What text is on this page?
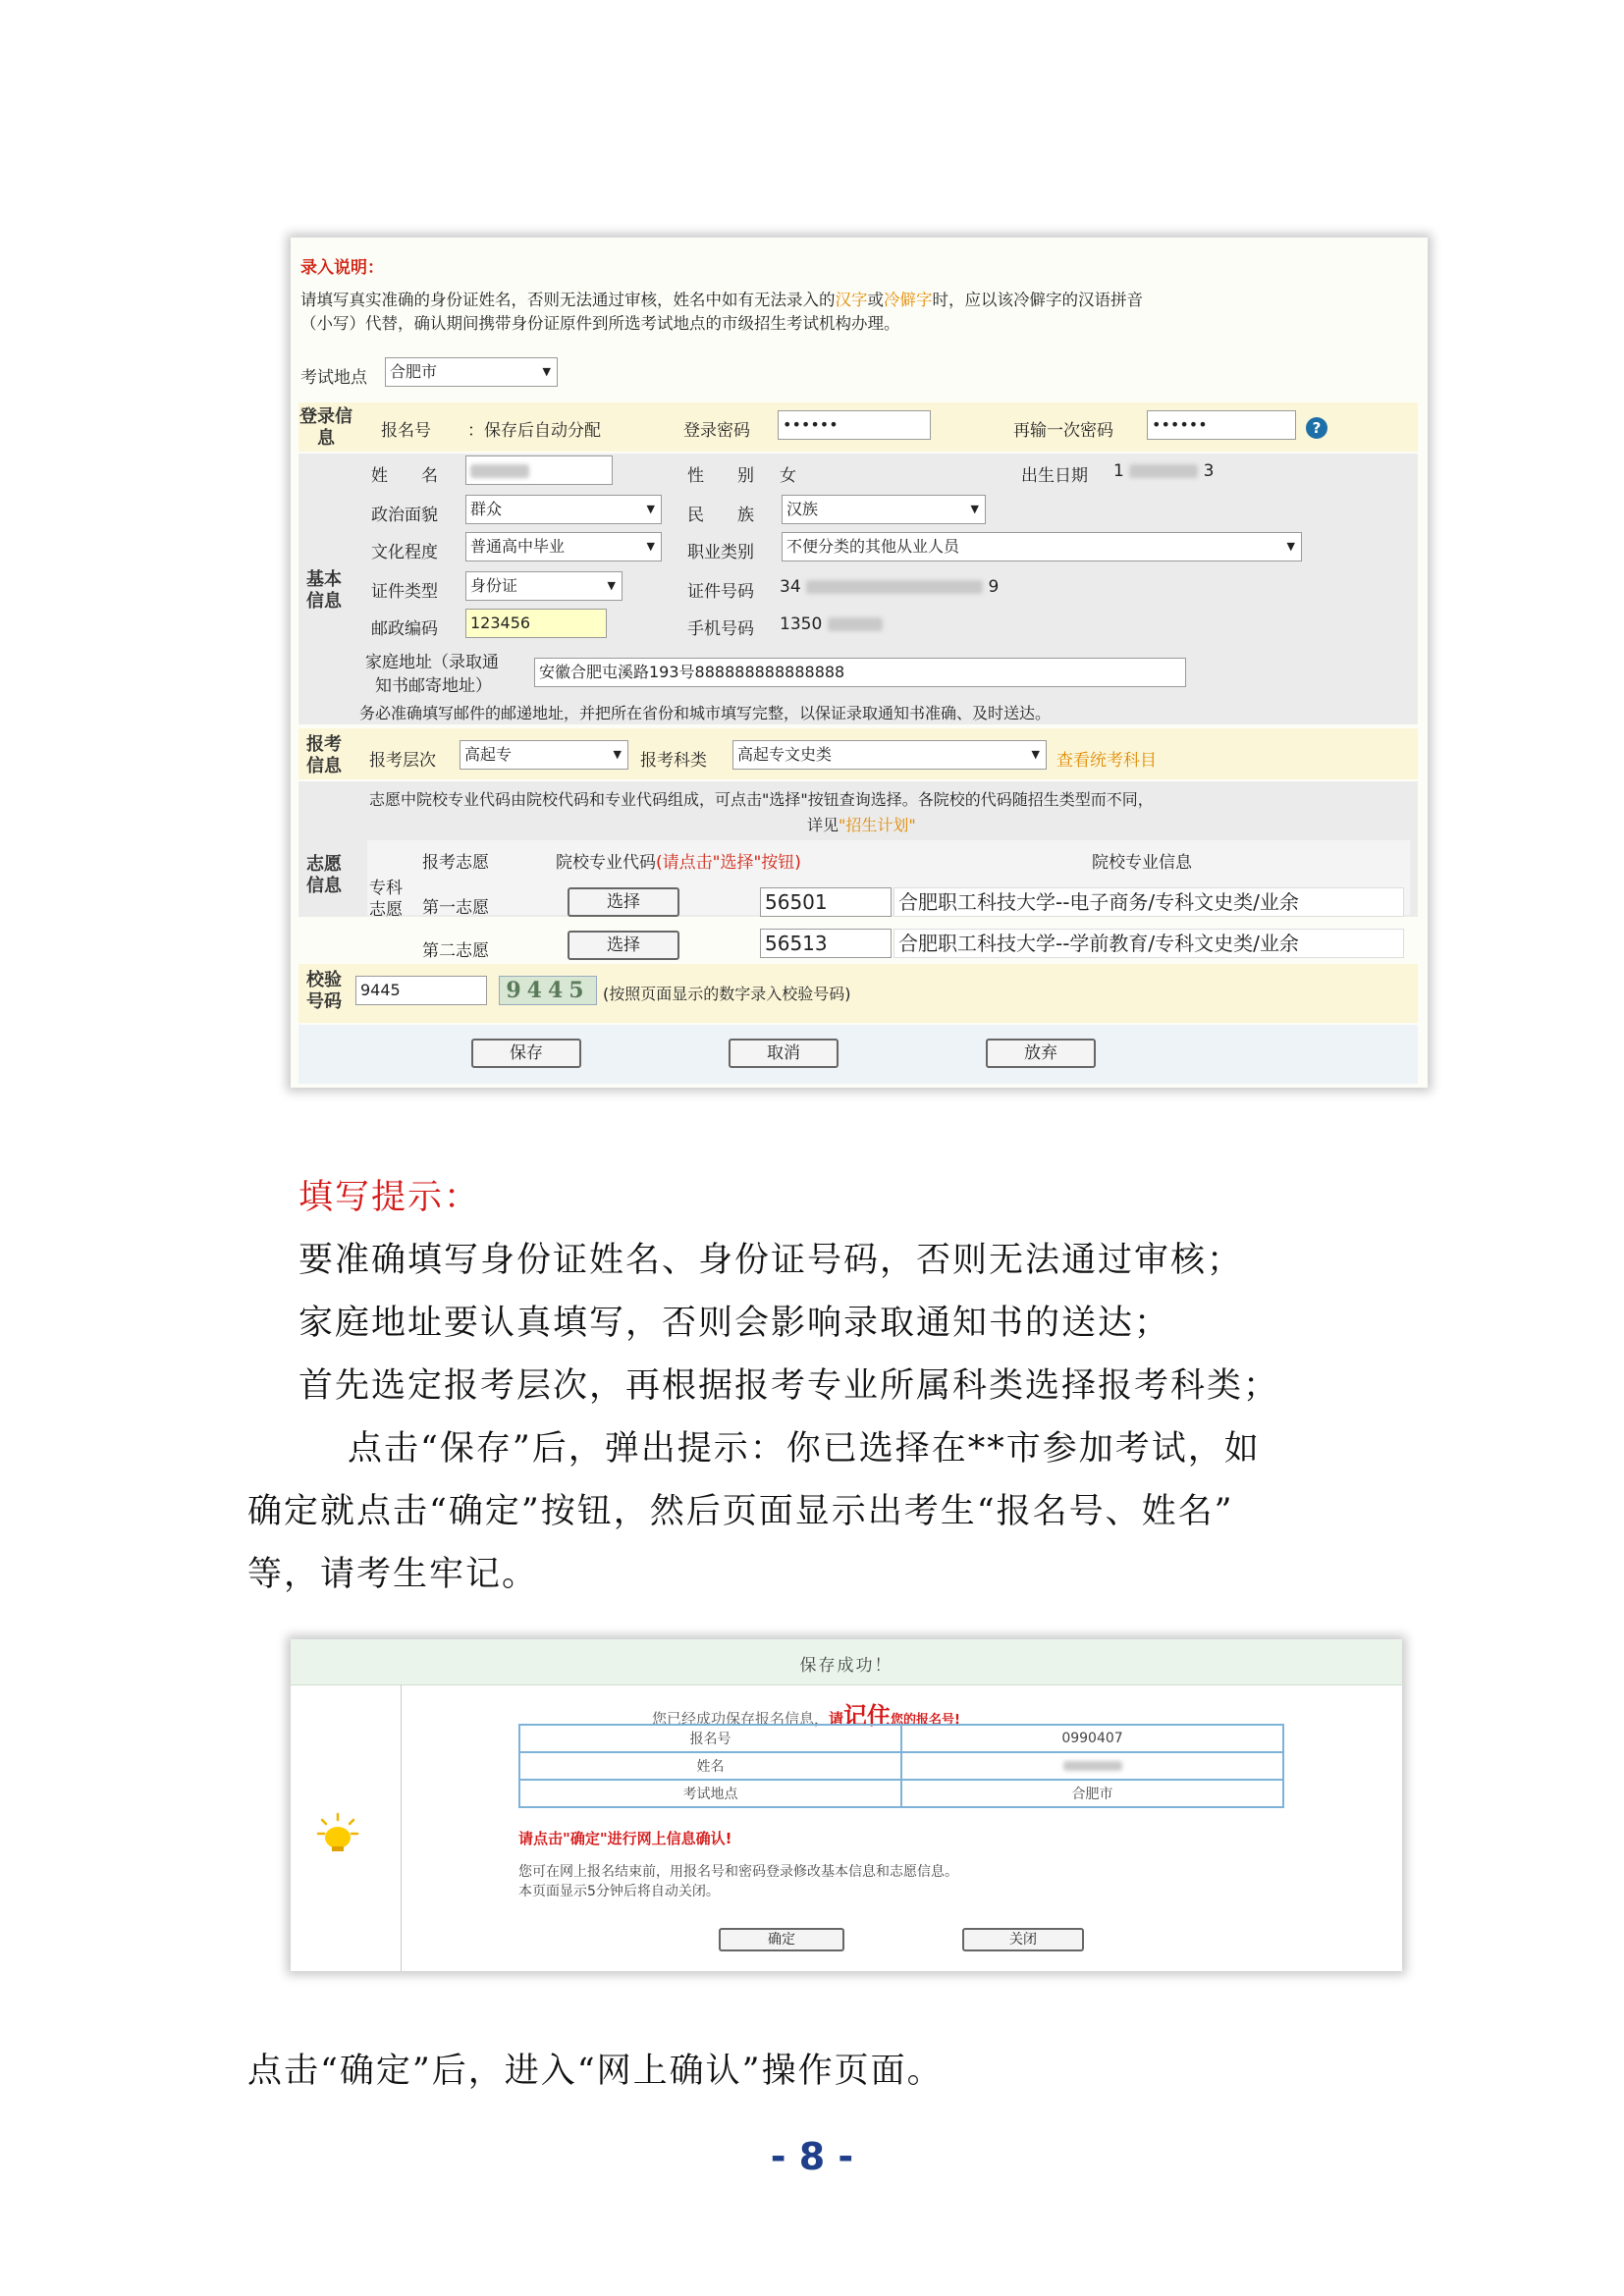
录入说明：
请填写真实准确的身份证姓名，否则无法通过审核，姓名中如有无法录入的汉字或冷僻字时，应以该冷僻字的汉语拼音
（小写）代替，确认期间携带身份证原件到所选考试地点的市级招生考试机构办理。
考试地点	合肥市 ▼
登录信息	报名号 ：保存后自动分配	登录密码	••••••	再输一次密码	••••••	?
基本信息
姓　　名	性　　别 女	出生日期 1	3
政治面貌	群众 ▼	民　　族	汉族 ▼
文化程度	普通高中毕业 ▼	职业类别	不便分类的其他从业人员 ▼
证件类型	身份证 ▼	证件号码 34	9
邮政编码	123456	手机号码 1350
家庭地址（录取通
知书邮寄地址）
安徽合肥屯溪路193号888888888888888
务必准确填写邮件的邮递地址，并把所在省份和城市填写完整，以保证录取通知书准确、及时送达。
报考信息	报考层次	高起专 ▼	报考科类	高起专文史类 ▼	查看统考科目
志愿中院校专业代码由院校代码和专业代码组成，可点击"选择"按钮查询选择。各院校的代码随招生类型而不同，
详见"招生计划"
志愿信息
报考志愿	院校专业代码(请点击"选择"按钮)	院校专业信息
专科志愿	第一志愿	选择	56501	合肥职工科技大学--电子商务/专科文史类/业余
第二志愿	选择	56513	合肥职工科技大学--学前教育/专科文史类/业余
校验号码
9445	9445 (按照页面显示的数字录入校验号码)
保存	取消	放弃
填写提示：
要准确填写身份证姓名、身份证号码，否则无法通过审核；
家庭地址要认真填写，否则会影响录取通知书的送达；
首先选定报考层次，再根据报考专业所属科类选择报考科类；
点击“保存”后，弹出提示：你已选择在**市参加考试，如
确定就点击“确定”按钮，然后页面显示出考生“报名号、姓名”
等，请考生牢记。
保存成功！
您已经成功保存报名信息，请记住您的报名号!
报名号	0990407
姓名	
考试地点	合肥市
请点击"确定"进行网上信息确认!
您可在网上报名结束前，用报名号和密码登录修改基本信息和志愿信息。
本页面显示5分钟后将自动关闭。
确定	关闭
点击“确定”后，进入“网上确认”操作页面。
- 8 -
